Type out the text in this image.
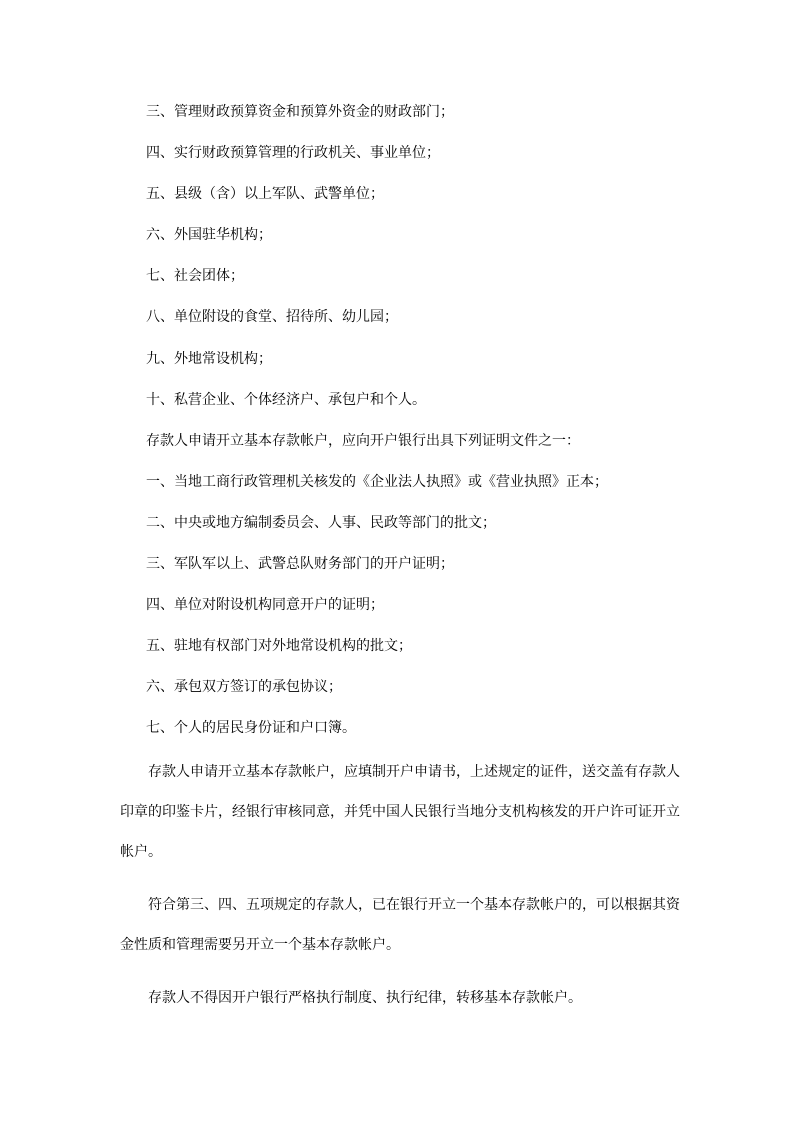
三、管理财政预算资金和预算外资金的财政部门；

四、实行财政预算管理的行政机关、事业单位；

五、县级（含）以上军队、武警单位；

六、外国驻华机构；

七、社会团体；

八、单位附设的食堂、招待所、幼儿园；

九、外地常设机构；

十、私营企业、个体经济户、承包户和个人。

存款人申请开立基本存款帐户，应向开户银行出具下列证明文件之一：

一、当地工商行政管理机关核发的《企业法人执照》或《营业执照》正本；

二、中央或地方编制委员会、人事、民政等部门的批文；

三、军队军以上、武警总队财务部门的开户证明；

四、单位对附设机构同意开户的证明；

五、驻地有权部门对外地常设机构的批文；

六、承包双方签订的承包协议；

七、个人的居民身份证和户口簿。

存款人申请开立基本存款帐户，应填制开户申请书，上述规定的证件，送交盖有存款人印章的印鉴卡片，经银行审核同意，并凭中国人民银行当地分支机构核发的开户许可证开立帐户。

符合第三、四、五项规定的存款人，已在银行开立一个基本存款帐户的，可以根据其资金性质和管理需要另开立一个基本存款帐户。

存款人不得因开户银行严格执行制度、执行纪律，转移基本存款帐户。
